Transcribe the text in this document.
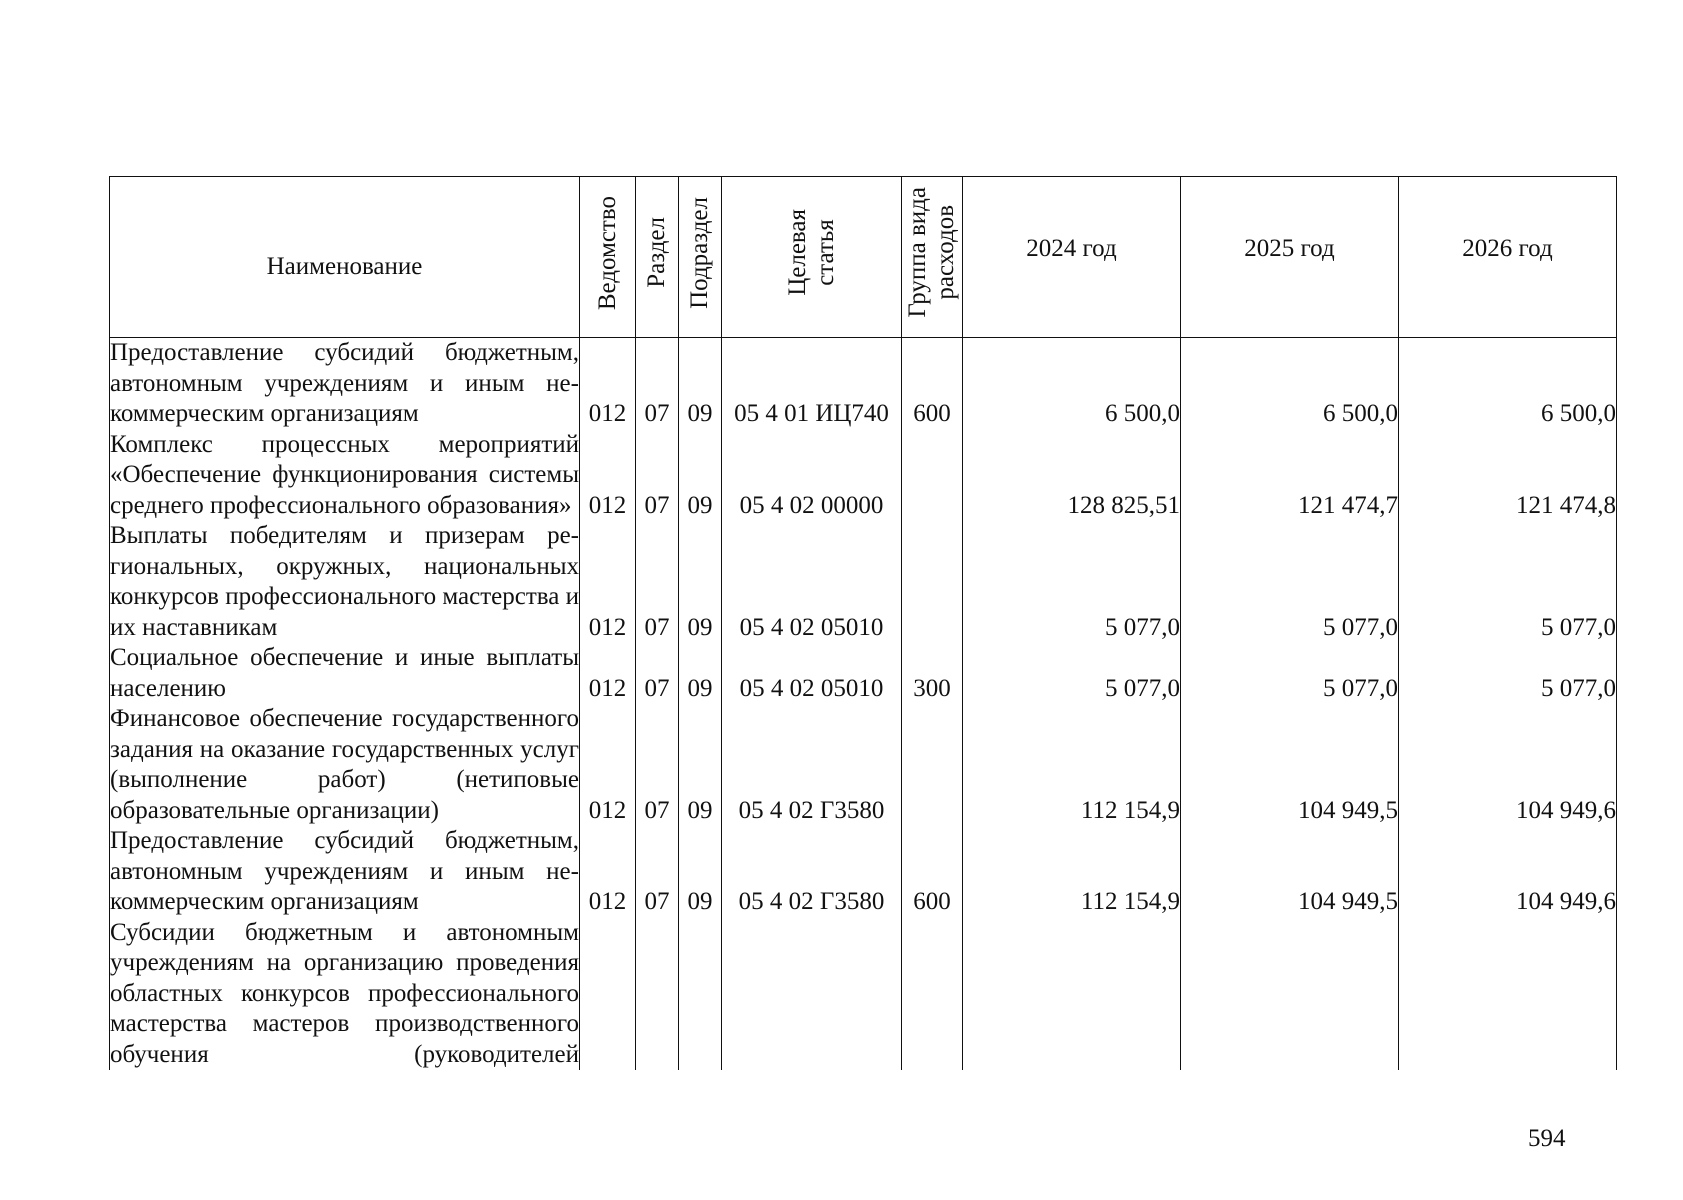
Наименование	Ведомство	Раздел	Подраздел	Целевая
статья	Группа вида
расходов	2024 год	2025 год	2026 год
Предоставление субсидий бюджетным, автономным учреждениям и иным некоммерческим организациям	012	07	09	05 4 01 ИЦ740	600	6 500,0	6 500,0	6 500,0
Комплекс процессных мероприятий «Обеспечение функционирования системы среднего профессионального образования»	012	07	09	05 4 02 00000		128 825,51	121 474,7	121 474,8
Выплаты победителям и призерам региональных, окружных, национальных конкурсов профессионального мастерства и их наставникам	012	07	09	05 4 02 05010		5 077,0	5 077,0	5 077,0
Социальное обеспечение и иные выплаты населению	012	07	09	05 4 02 05010	300	5 077,0	5 077,0	5 077,0
Финансовое обеспечение государственного задания на оказание государственных услуг (выполнение работ) (нетиповые образовательные организации)	012	07	09	05 4 02 Г3580		112 154,9	104 949,5	104 949,6
Предоставление субсидий бюджетным, автономным учреждениям и иным некоммерческим организациям	012	07	09	05 4 02 Г3580	600	112 154,9	104 949,5	104 949,6
Субсидии бюджетным и автономным учреждениям на организацию проведения областных конкурсов профессионального мастерства мастеров производственного обучения (руководителей								
594
